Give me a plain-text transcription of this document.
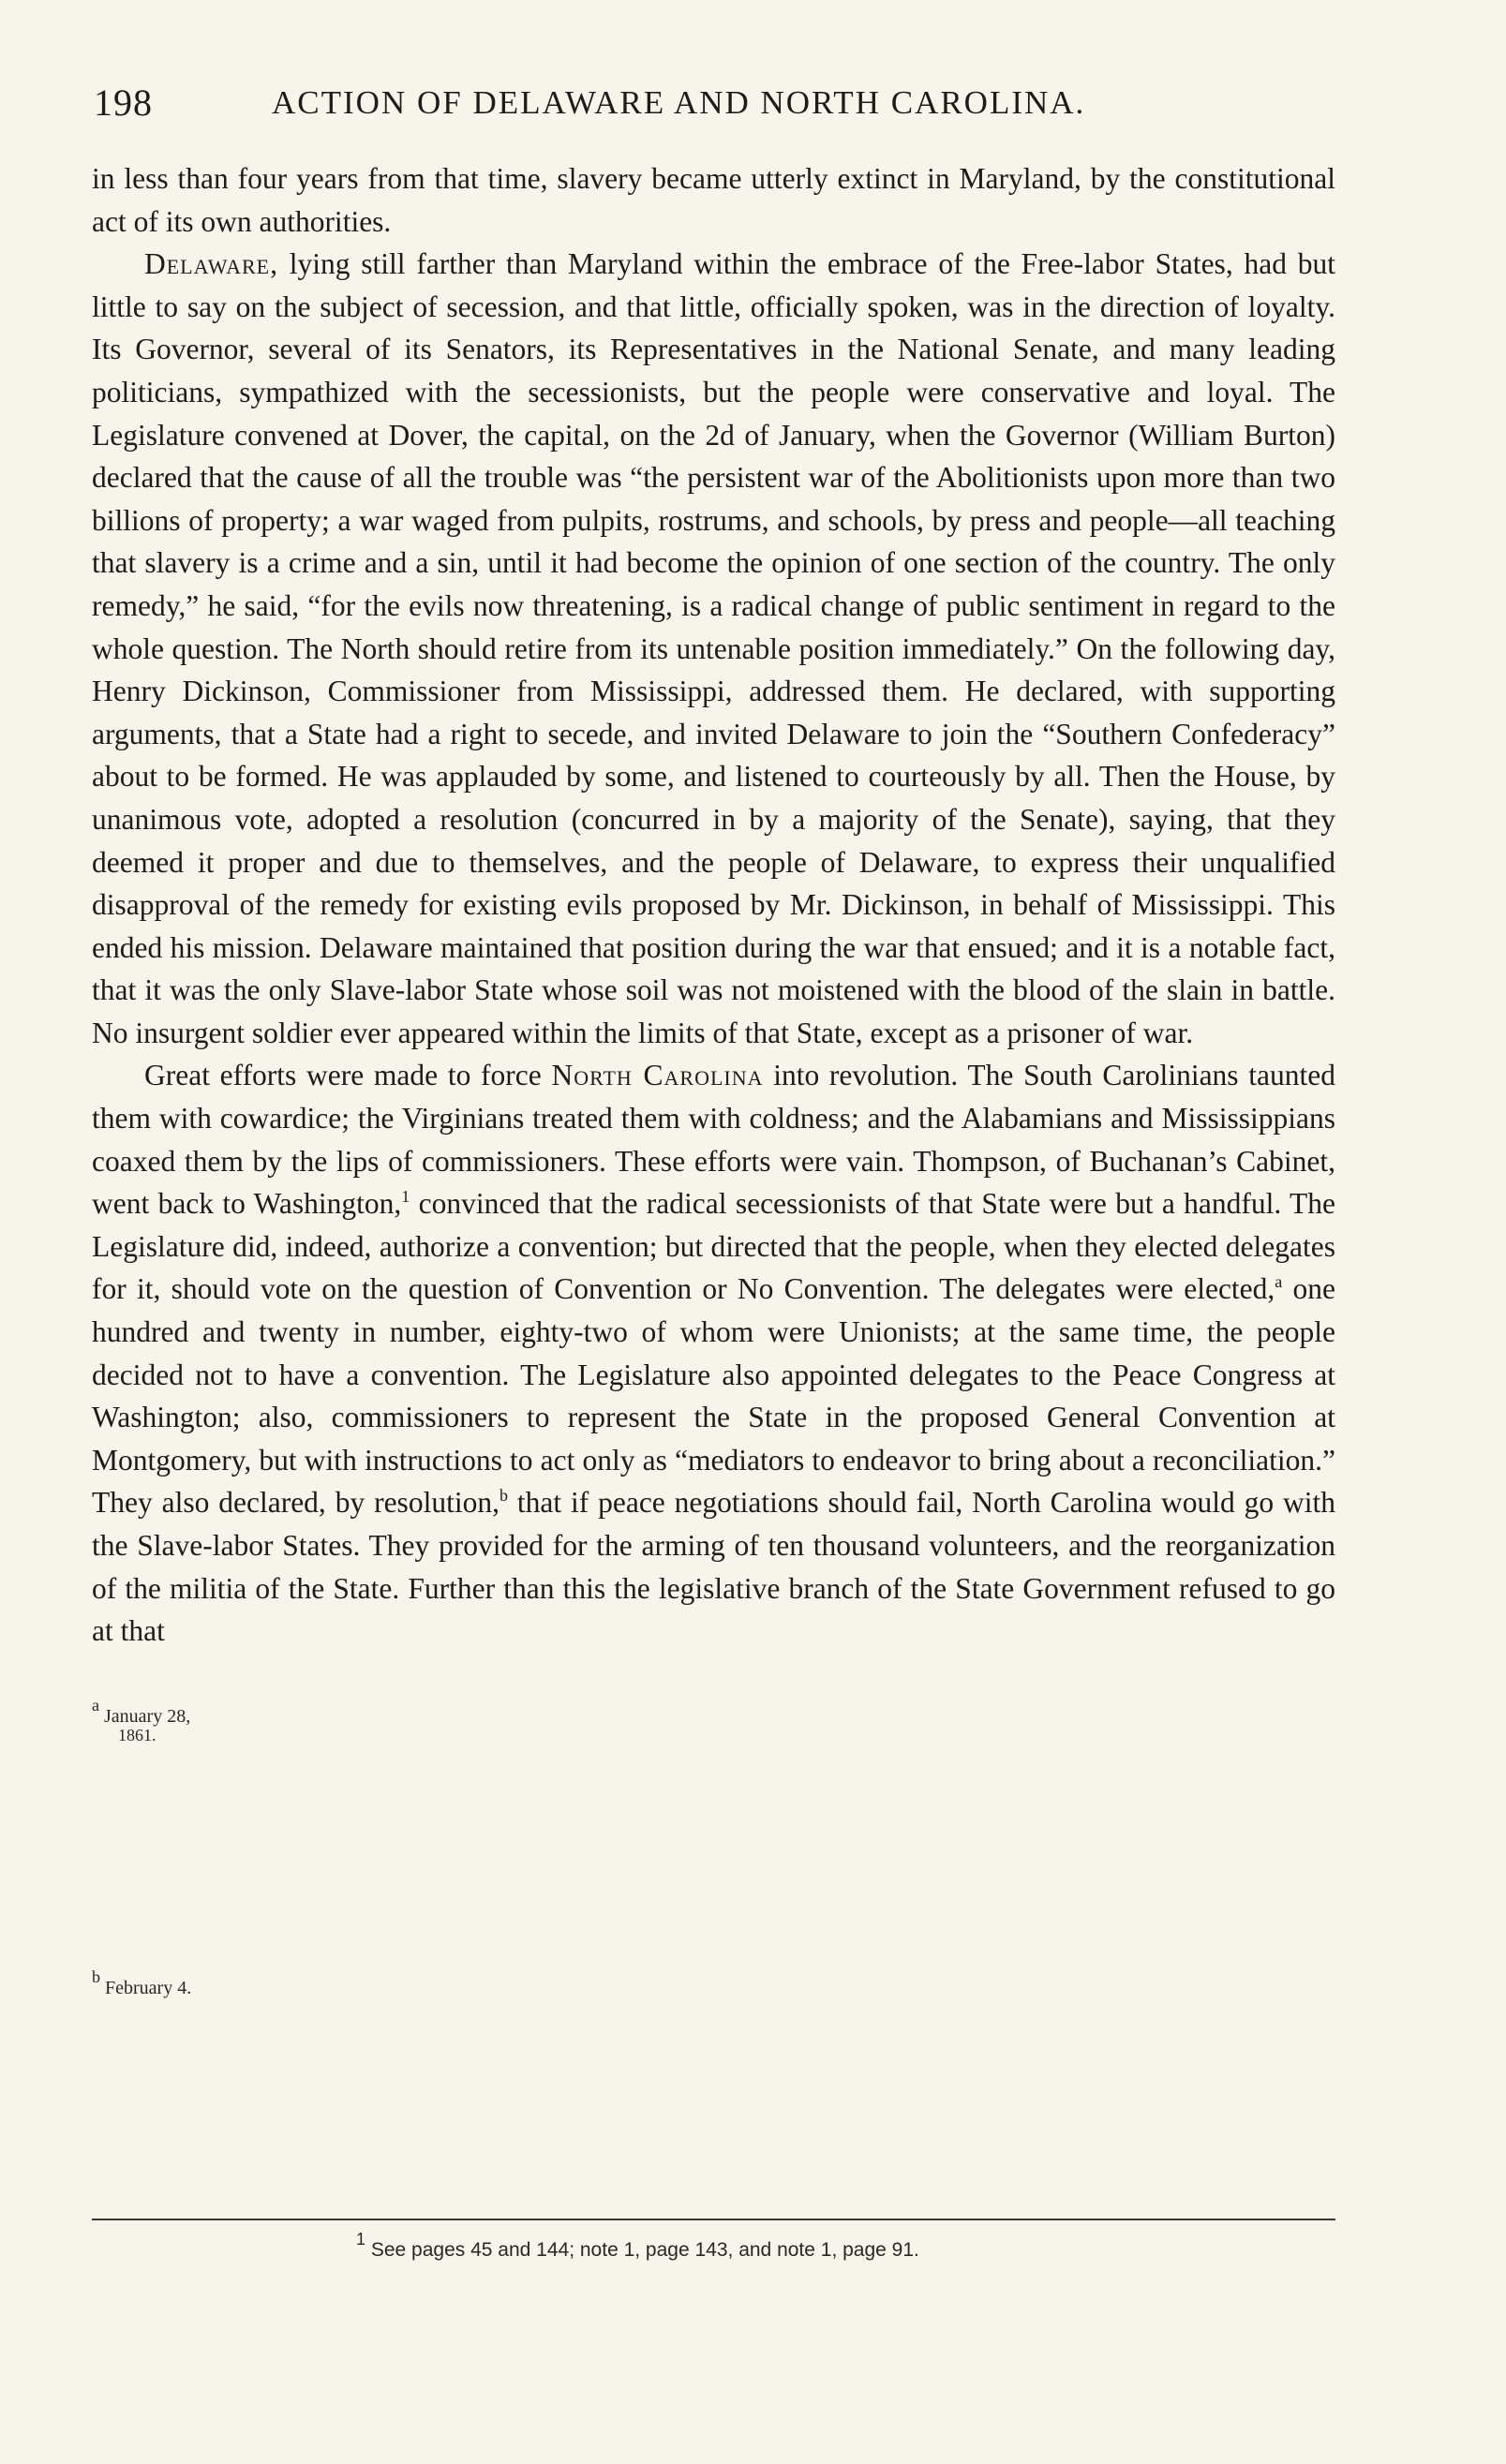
198	ACTION OF DELAWARE AND NORTH CAROLINA.

in less than four years from that time, slavery became utterly extinct in Maryland, by the constitutional act of its own authorities.

Delaware, lying still farther than Maryland within the embrace of the Free-labor States, had but little to say on the subject of secession, and that little, officially spoken, was in the direction of loyalty. Its Governor, several of its Senators, its Representatives in the National Senate, and many leading politicians, sympathized with the secessionists, but the people were conservative and loyal. The Legislature convened at Dover, the capital, on the 2d of January, when the Governor (William Burton) declared that the cause of all the trouble was “the persistent war of the Abolitionists upon more than two billions of property; a war waged from pulpits, rostrums, and schools, by press and people—all teaching that slavery is a crime and a sin, until it had become the opinion of one section of the country. The only remedy,” he said, “for the evils now threatening, is a radical change of public sentiment in regard to the whole question. The North should retire from its untenable position immediately.” On the following day, Henry Dickinson, Commissioner from Mississippi, addressed them. He declared, with supporting arguments, that a State had a right to secede, and invited Delaware to join the “Southern Confederacy” about to be formed. He was applauded by some, and listened to courteously by all. Then the House, by unanimous vote, adopted a resolution (concurred in by a majority of the Senate), saying, that they deemed it proper and due to themselves, and the people of Delaware, to express their unqualified disapproval of the remedy for existing evils proposed by Mr. Dickinson, in behalf of Mississippi. This ended his mission. Delaware maintained that position during the war that ensued; and it is a notable fact, that it was the only Slave-labor State whose soil was not moistened with the blood of the slain in battle. No insurgent soldier ever appeared within the limits of that State, except as a prisoner of war.

Great efforts were made to force North Carolina into revolution. The South Carolinians taunted them with cowardice; the Virginians treated them with coldness; and the Alabamians and Mississippians coaxed them by the lips of commissioners. These efforts were vain. Thompson, of Buchanan’s Cabinet, went back to Washington,$^1$ convinced that the radical secessionists of that State were but a handful. The Legislature did, indeed, authorize a convention; but directed that the people, when they elected delegates for it, should vote on the question of Convention or No Convention. The delegates were elected,$^a$ one hundred and twenty in number, eighty-two of whom were Unionists; at the same time, the people decided not to have a convention. The Legislature also appointed delegates to the Peace Congress at Washington; also, commissioners to represent the State in the proposed General Convention at Montgomery, but with instructions to act only as “mediators to endeavor to bring about a reconciliation.” They also declared, by resolution,$^b$ that if peace negotiations should fail, North Carolina would go with the Slave-labor States. They provided for the arming of ten thousand volunteers, and the reorganization of the militia of the State. Further than this the legislative branch of the State Government refused to go at that

$^a$ January 28,
1861.
$^b$ February 4.
$^1$ See pages 45 and 144; note 1, page 143, and note 1, page 91.
